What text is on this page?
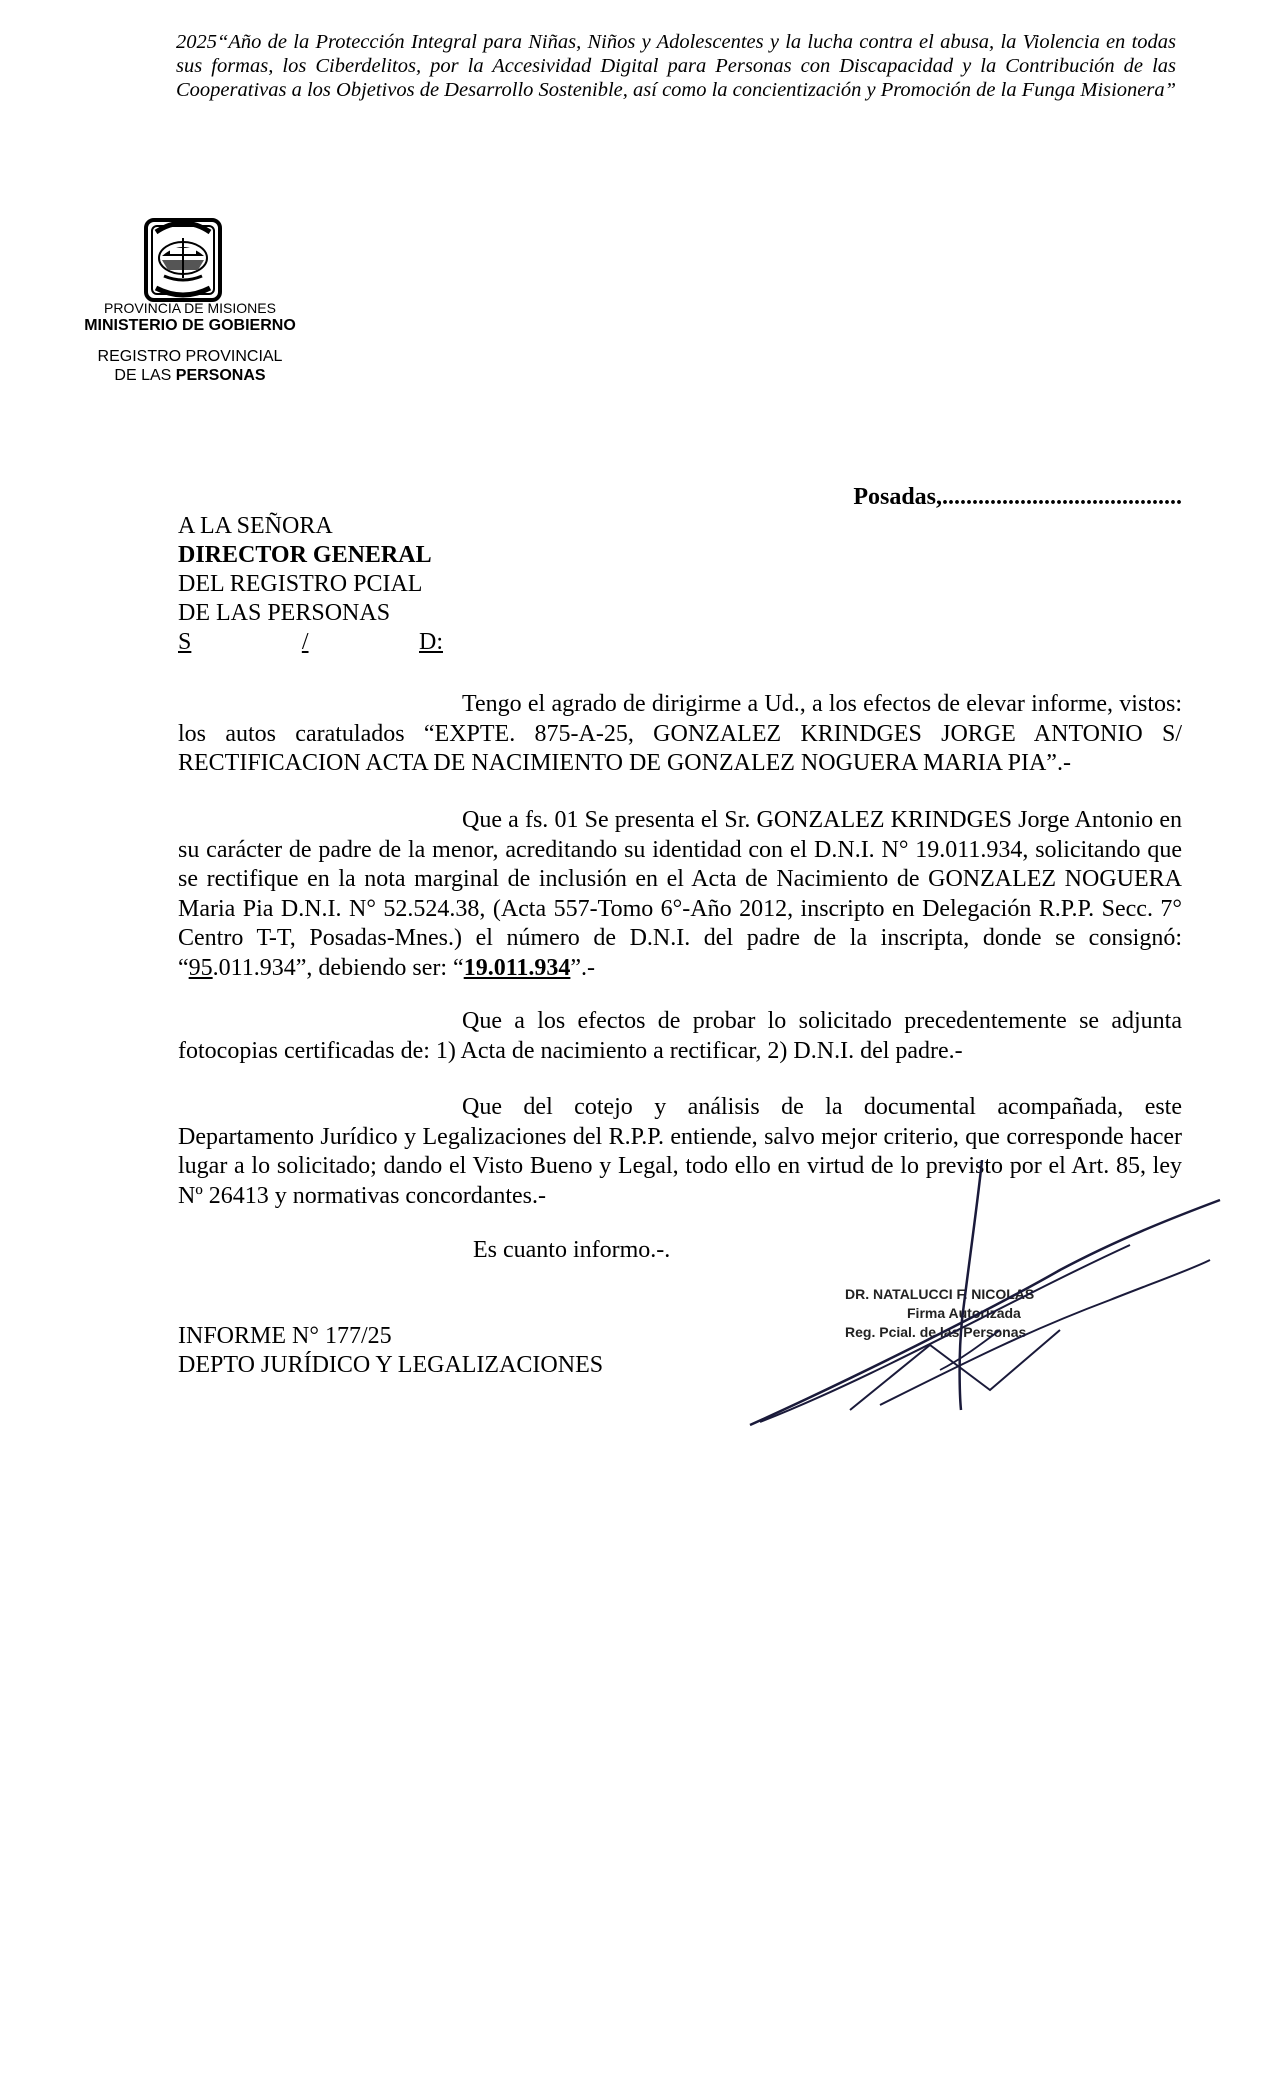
2025“Año de la Protección Integral para Niñas, Niños y Adolescentes y la lucha contra el abusa, la Violencia en todas sus formas, los Ciberdelitos, por la Accesividad Digital para Personas con Discapacidad y la Contribución de las Cooperativas a los Objetivos de Desarrollo Sostenible, así como la concientización y Promoción de la Funga Misionera”
PROVINCIA DE MISIONES
MINISTERIO DE GOBIERNO
REGISTRO PROVINCIAL
DE LAS PERSONAS
Posadas,........................................
A LA SEÑORA
DIRECTOR GENERAL
DEL REGISTRO PCIAL
DE LAS PERSONAS
S	/	D:
Tengo el agrado de dirigirme a Ud., a los efectos de elevar informe, vistos: los autos caratulados “EXPTE. 875-A-25, GONZALEZ KRINDGES JORGE ANTONIO S/ RECTIFICACION ACTA DE NACIMIENTO DE GONZALEZ NOGUERA MARIA PIA”.-
Que a fs. 01 Se presenta el Sr. GONZALEZ KRINDGES Jorge Antonio en su carácter de padre de la menor, acreditando su identidad con el D.N.I. N° 19.011.934, solicitando que se rectifique en la nota marginal de inclusión en el Acta de Nacimiento de GONZALEZ NOGUERA Maria Pia D.N.I. N° 52.524.38, (Acta 557-Tomo 6°-Año 2012, inscripto en Delegación R.P.P. Secc. 7° Centro T-T, Posadas-Mnes.) el número de D.N.I. del padre de la inscripta, donde se consignó: “95.011.934”, debiendo ser: “19.011.934”.-
Que a los efectos de probar lo solicitado precedentemente se adjunta fotocopias certificadas de: 1) Acta de nacimiento a rectificar, 2) D.N.I. del padre.-
Que del cotejo y análisis de la documental acompañada, este Departamento Jurídico y Legalizaciones del R.P.P. entiende, salvo mejor criterio, que corresponde hacer lugar a lo solicitado; dando el Visto Bueno y Legal, todo ello en virtud de lo previsto por el Art. 85, ley Nº 26413 y normativas concordantes.-
Es cuanto informo.-.
INFORME N° 177/25
DEPTO JURÍDICO Y LEGALIZACIONES
DR. NATALUCCI F. NICOLAS
Firma Autorizada
Reg. Pcial. de las Personas
